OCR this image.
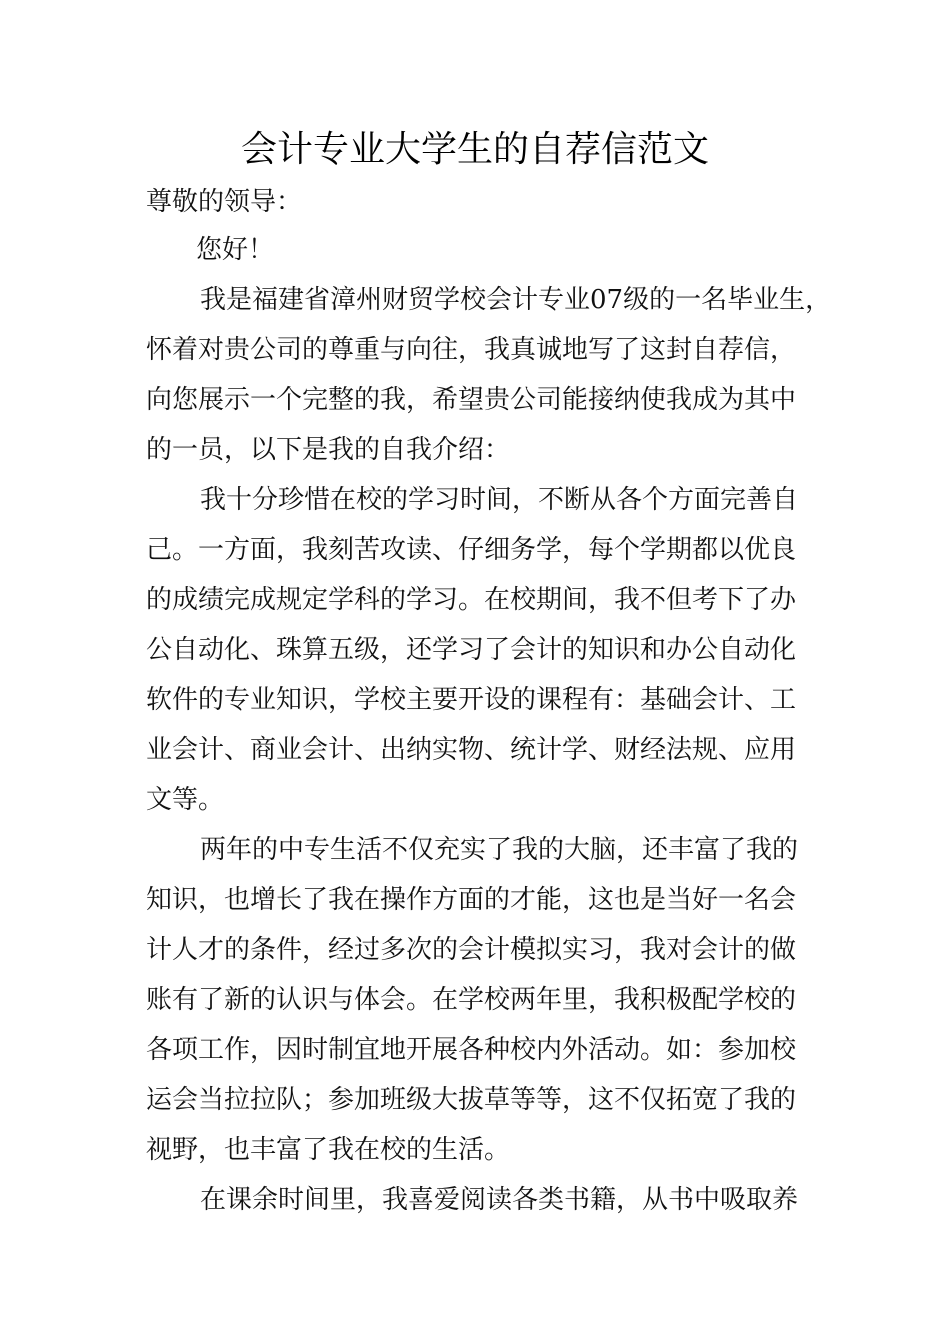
会计专业大学生的自荐信范文
尊敬的领导：
您好！
我是福建省漳州财贸学校会计专业07级的一名毕业生，
怀着对贵公司的尊重与向往，我真诚地写了这封自荐信，
向您展示一个完整的我，希望贵公司能接纳使我成为其中
的一员，以下是我的自我介绍：
我十分珍惜在校的学习时间，不断从各个方面完善自
己。一方面，我刻苦攻读、仔细务学，每个学期都以优良
的成绩完成规定学科的学习。在校期间，我不但考下了办
公自动化、珠算五级，还学习了会计的知识和办公自动化
软件的专业知识，学校主要开设的课程有：基础会计、工
业会计、商业会计、出纳实物、统计学、财经法规、应用
文等。
两年的中专生活不仅充实了我的大脑，还丰富了我的
知识，也增长了我在操作方面的才能，这也是当好一名会
计人才的条件，经过多次的会计模拟实习，我对会计的做
账有了新的认识与体会。在学校两年里，我积极配学校的
各项工作，因时制宜地开展各种校内外活动。如：参加校
运会当拉拉队；参加班级大拔草等等，这不仅拓宽了我的
视野，也丰富了我在校的生活。
在课余时间里，我喜爱阅读各类书籍，从书中吸取养
